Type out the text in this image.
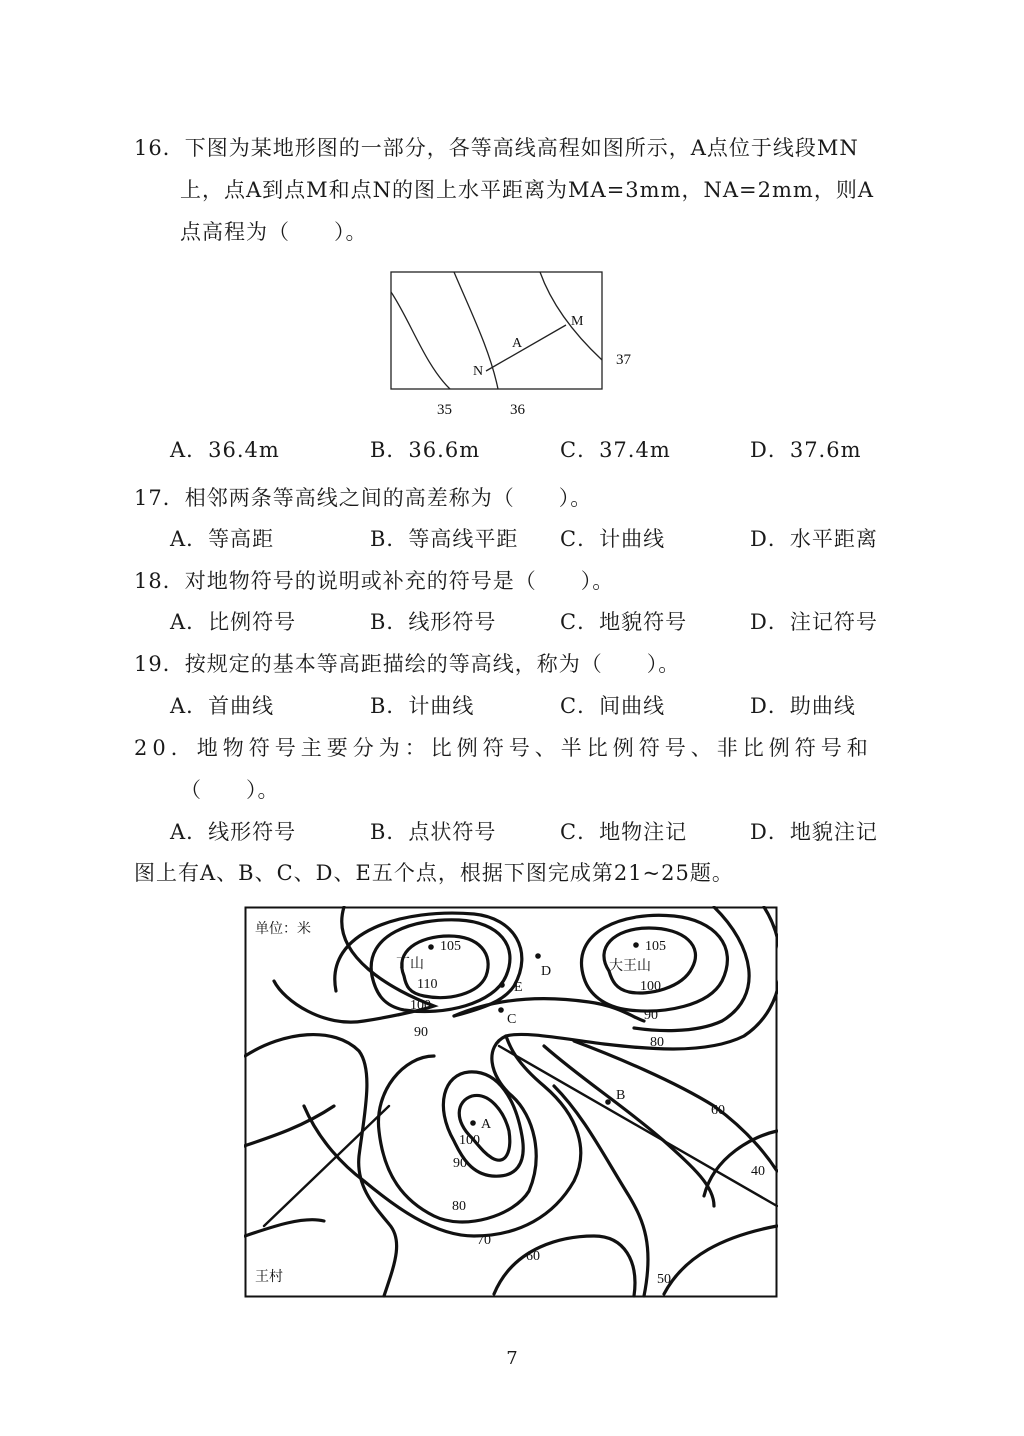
16．下图为某地形图的一部分，各等高线高程如图所示，A点位于线段MN
上，点A到点M和点N的图上水平距离为MA=3mm，NA=2mm，则A
点高程为（　　）。
A
M
N
37
35	36
A．36.4m	B．36.6m	C．37.4m	D．37.6m
17．相邻两条等高线之间的高差称为（　　）。
A．等高距	B．等高线平距 C．计曲线	D．水平距离
18．对地物符号的说明或补充的符号是（　　）。
A．比例符号	B．线形符号	C．地貌符号	D．注记符号
19．按规定的基本等高距描绘的等高线，称为（　　）。
A．首曲线	B．计曲线	C．间曲线	D．助曲线
20．地物符号主要分为：比例符号、半比例符号、非比例符号和
（　　）。
A．线形符号	B．点状符号	C．地物注记	D．地貌注记
图上有A、B、C、D、E五个点，根据下图完成第21~25题。
单位：米
王村
丁山	大王山
A
B
C
D
E
105
110
100
90
105
100
90
80
100
90
80
70
60
60
40
50
7
